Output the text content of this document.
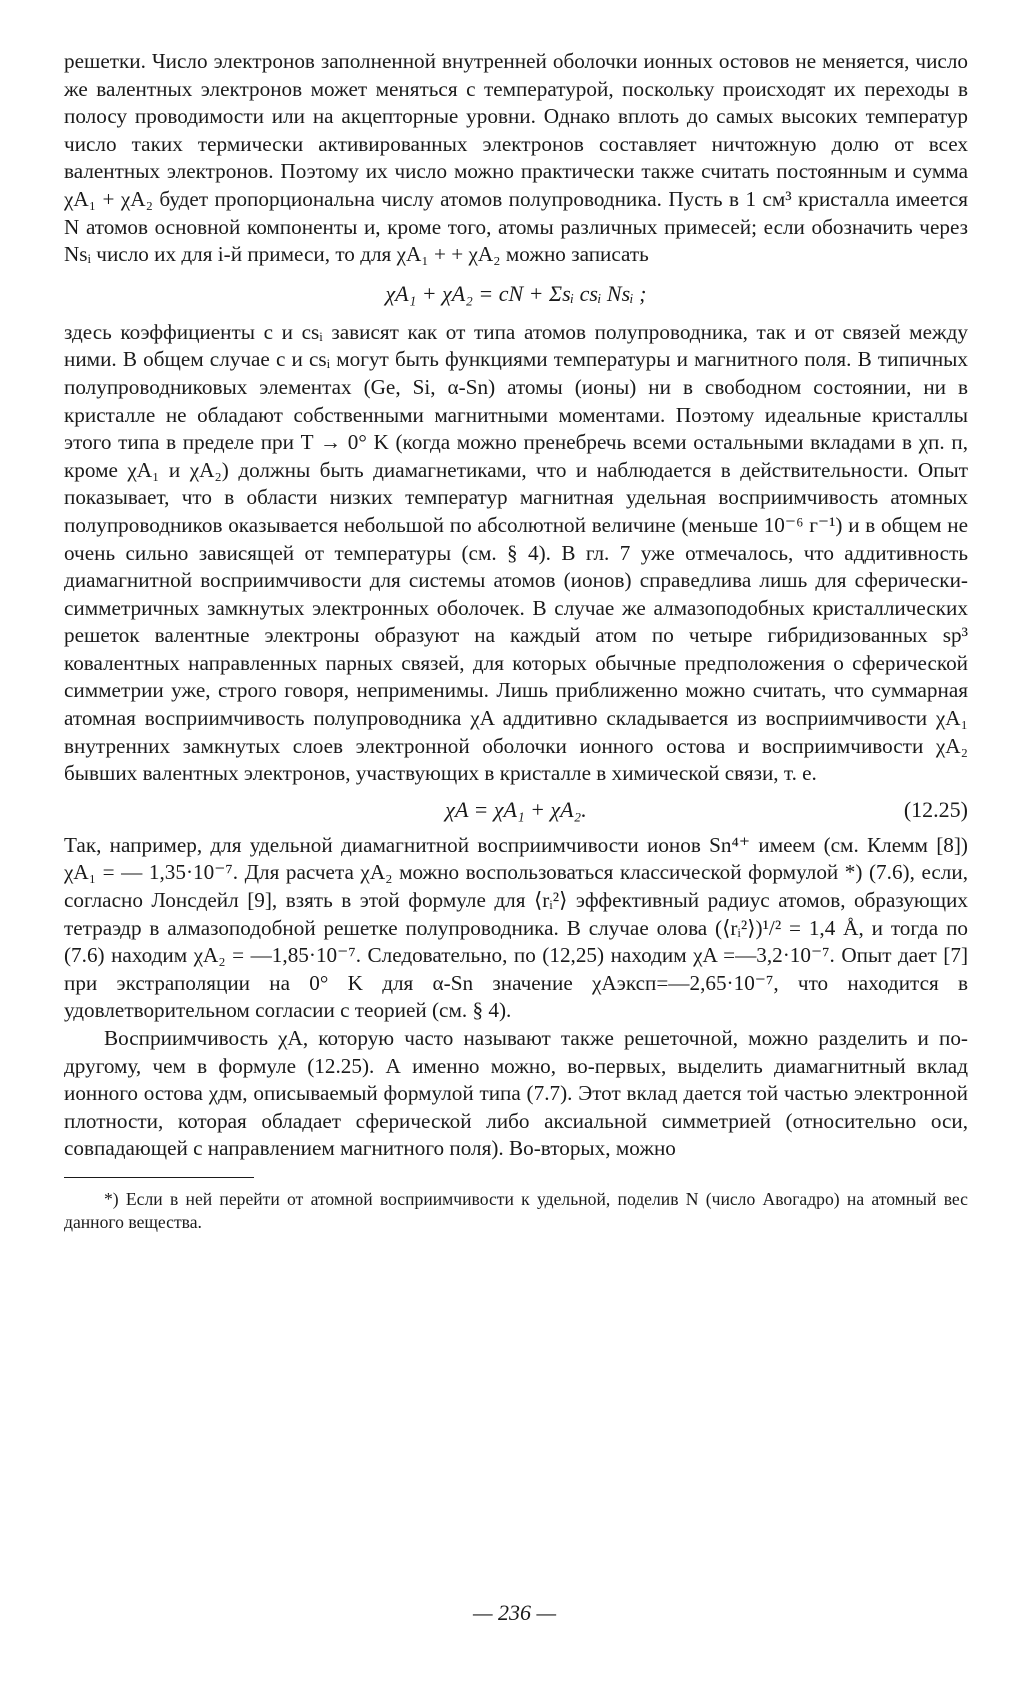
решетки. Число электронов заполненной внутренней оболочки ионных остовов не меняется, число же валентных электронов может меняться с температурой, поскольку происходят их переходы в полосу проводимости или на акцепторные уровни. Однако вплоть до самых высоких температур число таких термически активированных электронов составляет ничтожную долю от всех валентных электронов. Поэтому их число можно практически также считать постоянным и сумма χA₁ + χA₂ будет пропорциональна числу атомов полупроводника. Пусть в 1 см³ кристалла имеется N атомов основной компоненты и, кроме того, атомы различных примесей; если обозначить через Nsᵢ число их для i-й примеси, то для χA₁ + + χA₂ можно записать

χA₁ + χA₂ = cN + Σsᵢ csᵢ Nsᵢ ;

здесь коэффициенты c и csᵢ зависят как от типа атомов полупроводника, так и от связей между ними. В общем случае c и csᵢ могут быть функциями температуры и магнитного поля. В типичных полупроводниковых элементах (Ge, Si, α-Sn) атомы (ионы) ни в свободном состоянии, ни в кристалле не обладают собственными магнитными моментами. Поэтому идеальные кристаллы этого типа в пределе при T → 0° K (когда можно пренебречь всеми остальными вкладами в χп. п, кроме χA₁ и χA₂) должны быть диамагнетиками, что и наблюдается в действительности. Опыт показывает, что в области низких температур магнитная удельная восприимчивость атомных полупроводников оказывается небольшой по абсолютной величине (меньше 10⁻⁶ г⁻¹) и в общем не очень сильно зависящей от температуры (см. § 4). В гл. 7 уже отмечалось, что аддитивность диамагнитной восприимчивости для системы атомов (ионов) справедлива лишь для сферически-симметричных замкнутых электронных оболочек. В случае же алмазоподобных кристаллических решеток валентные электроны образуют на каждый атом по четыре гибридизованных sp³ ковалентных направленных парных связей, для которых обычные предположения о сферической симметрии уже, строго говоря, неприменимы. Лишь приближенно можно считать, что суммарная атомная восприимчивость полупроводника χA аддитивно складывается из восприимчивости χA₁ внутренних замкнутых слоев электронной оболочки ионного остова и восприимчивости χA₂ бывших валентных электронов, участвующих в кристалле в химической связи, т. е.

χA = χA₁ + χA₂.	(12.25)

Так, например, для удельной диамагнитной восприимчивости ионов Sn⁴⁺ имеем (см. Клемм [8]) χA₁ = — 1,35·10⁻⁷. Для расчета χA₂ можно воспользоваться классической формулой *) (7.6), если, согласно Лонсдейл [9], взять в этой формуле для ⟨rᵢ²⟩ эффективный радиус атомов, образующих тетраэдр в алмазоподобной решетке полупроводника. В случае олова (⟨rᵢ²⟩)¹/² = 1,4 Å, и тогда по (7.6) находим χA₂ = —1,85·10⁻⁷. Следовательно, по (12,25) находим χA =—3,2·10⁻⁷. Опыт дает [7] при экстраполяции на 0° K для α-Sn значение χAэксп=—2,65·10⁻⁷, что находится в удовлетворительном согласии с теорией (см. § 4).

Восприимчивость χA, которую часто называют также решеточной, можно разделить и по-другому, чем в формуле (12.25). А именно можно, во-первых, выделить диамагнитный вклад ионного остова χдм, описываемый формулой типа (7.7). Этот вклад дается той частью электронной плотности, которая обладает сферической либо аксиальной симметрией (относительно оси, совпадающей с направлением магнитного поля). Во-вторых, можно

*) Если в ней перейти от атомной восприимчивости к удельной, поделив N (число Авогадро) на атомный вес данного вещества.

— 236 —
